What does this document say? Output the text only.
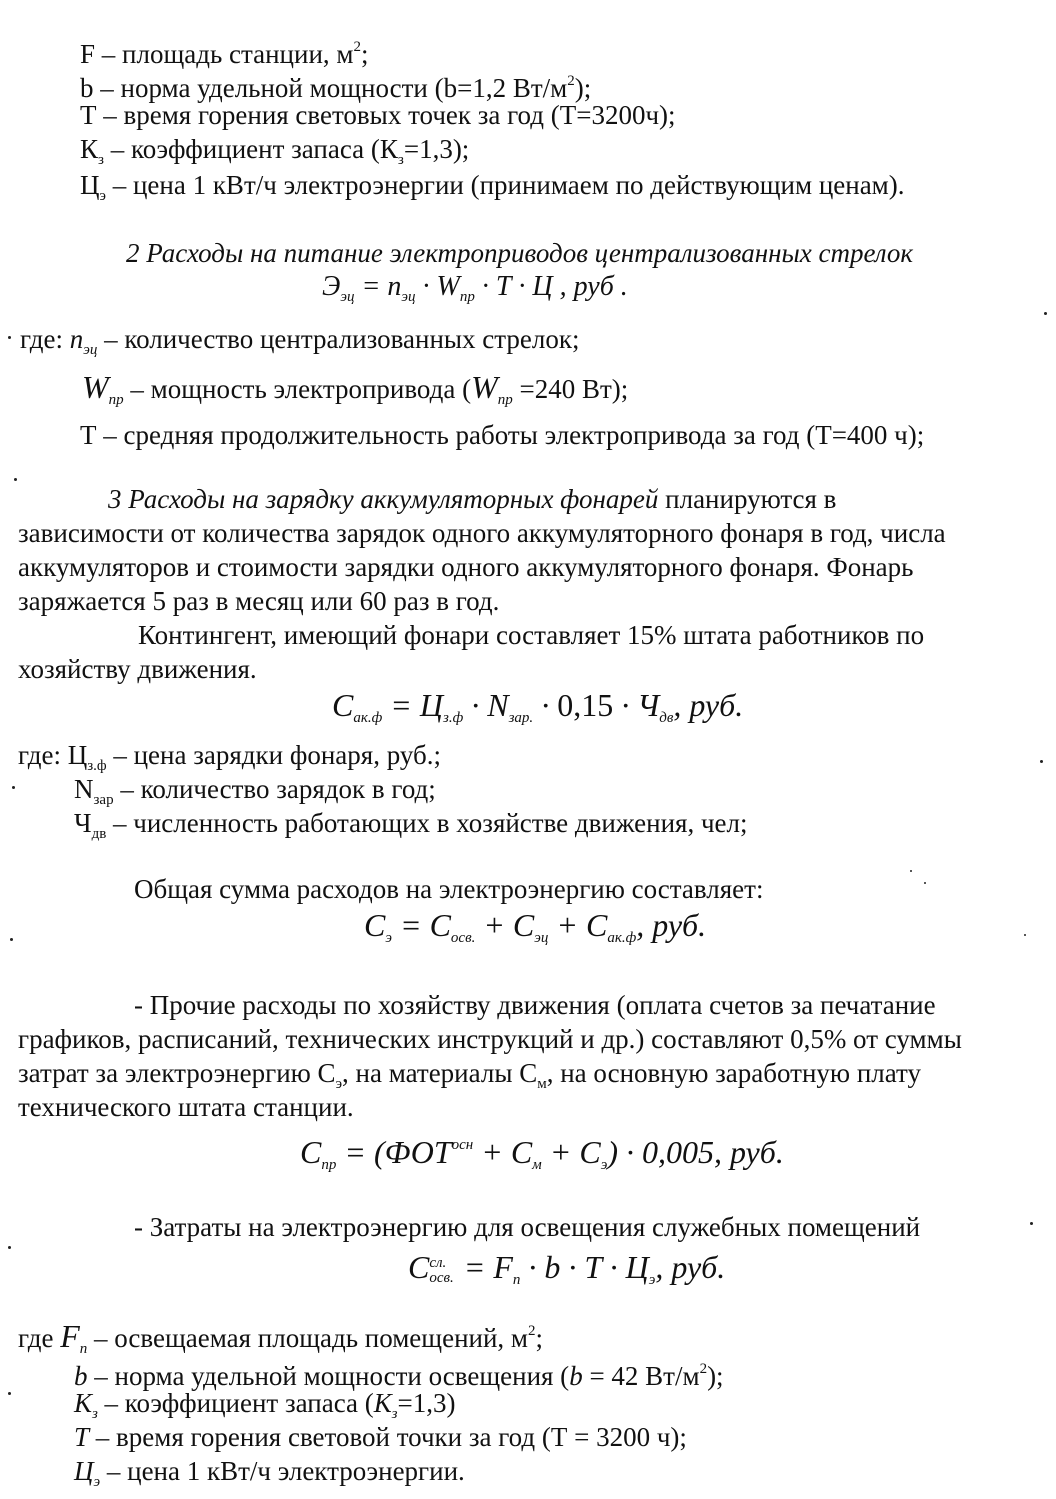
F – площадь станции, $м^2$;
b – норма удельной мощности (b=1,2 $Вт/м^2$);
Т – время горения световых точек за год (Т=3200ч);
$К_з$ – коэффициент запаса $(К_з=1,3)$;
$Ц_э$ – цена 1 кВт/ч электроэнергии (принимаем по действующим ценам).
2 Расходы на питание электроприводов централизованных стрелок
$Э_{эц} = n_{эц} \cdot W_{пр} \cdot Т \cdot Ц$ , руб .
где: $n_{эц}$ – количество централизованных стрелок;
$W_{пр}$ – мощность электропривода ($W_{пр} =240$ Вт);
Т – средняя продолжительность работы электропривода за год (Т=400 ч);
3 Расходы на зарядку аккумуляторных фонарей планируются в
зависимости от количества зарядок одного аккумуляторного фонаря в год, числа
аккумуляторов и стоимости зарядки одного аккумуляторного фонаря. Фонарь
заряжается 5 раз в месяц или 60 раз в год.
Контингент, имеющий фонари составляет 15% штата работников по
хозяйству движения.
Сак.ф = Цз.ф · Nзар. · 0,15 · Чдв, руб.
где: $Ц_{з.ф}$ – цена зарядки фонаря, руб.;
$N_{зар}$ – количество зарядок в год;
$Ч_{дв}$ – численность работающих в хозяйстве движения, чел;
Общая сумма расходов на электроэнергию составляет:
Сэ = Сосв. + Сэц + Сак.ф, руб.
- Прочие расходы по хозяйству движения (оплата счетов за печатание
графиков, расписаний, технических инструкций и др.) составляют 0,5% от суммы
затрат за электроэнергию $С_э$, на материалы $С_м$, на основную заработную плату
технического штата станции.
Спр = ($ФОТ^{осн}$ + См + Сэ) · 0,005, руб.
- Затраты на электроэнергию для освещения служебных помещений
С сл.
осв. = Fп · b · T · Цэ, руб.
где $F_п$ – освещаемая площадь помещений, $м^2$;
b – норма удельной мощности освещения (b = 42 $Вт/м^2$);
$К_з$ – коэффициент запаса $(К_з=1,3)$
Т – время горения световой точки за год (Т = 3200 ч);
$Ц_э$ – цена 1 кВт/ч электроэнергии.
